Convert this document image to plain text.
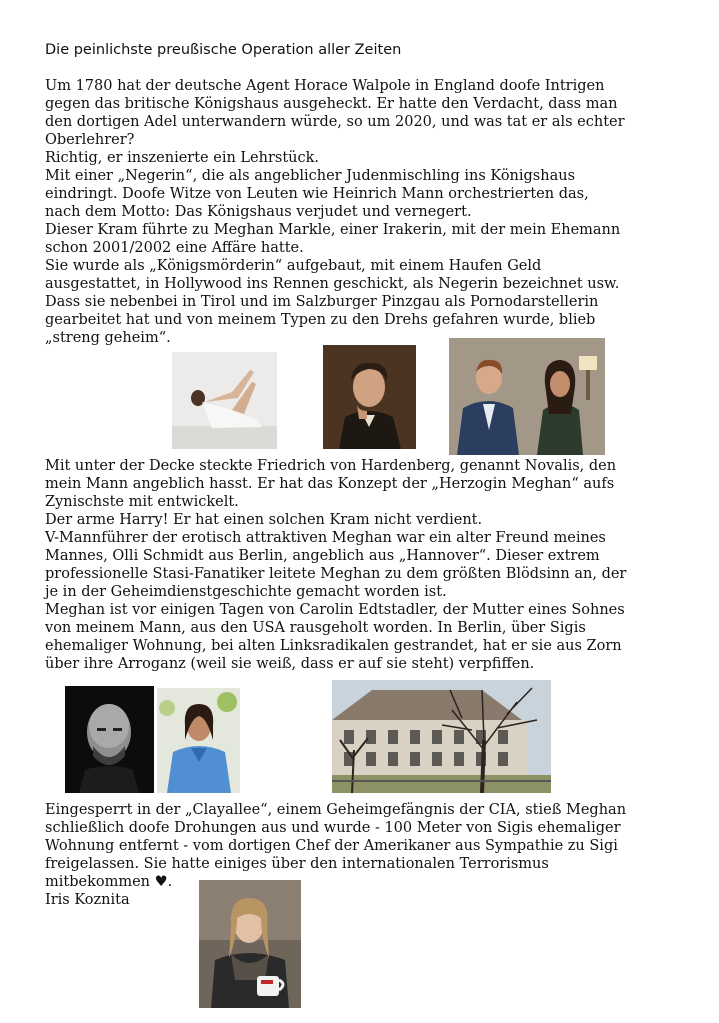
Die peinlichste preußische Operation aller Zeiten

Um 1780 hat der deutsche Agent Horace Walpole in England doofe Intrigen

gegen das britische Königshaus ausgeheckt. Er hatte den Verdacht, dass man

den dortigen Adel unterwandern würde, so um 2020, und was tat er als echter

Oberlehrer?

Richtig, er inszenierte ein Lehrstück.

Mit einer „Negerin“, die als angeblicher Judenmischling ins Königshaus

eindringt. Doofe Witze von Leuten wie Heinrich Mann orchestrierten das,

nach dem Motto: Das Königshaus verjudet und vernegert.

Dieser Kram führte zu Meghan Markle, einer Irakerin, mit der mein Ehemann

schon 2001/2002 eine Affäre hatte.

Sie wurde als „Königsmörderin“ aufgebaut, mit einem Haufen Geld

ausgestattet, in Hollywood ins Rennen geschickt, als Negerin bezeichnet usw.

Dass sie nebenbei in Tirol und im Salzburger Pinzgau als Pornodarstellerin

gearbeitet hat und von meinem Typen zu den Drehs gefahren wurde, blieb

„streng geheim“.

Mit unter der Decke steckte Friedrich von Hardenberg, genannt Novalis, den

mein Mann angeblich hasst. Er hat das Konzept der „Herzogin Meghan“ aufs

Zynischste mit entwickelt.

Der arme Harry! Er hat einen solchen Kram nicht verdient.

V-Mannführer der erotisch attraktiven Meghan war ein alter Freund meines

Mannes, Olli Schmidt aus Berlin, angeblich aus „Hannover“. Dieser extrem

professionelle Stasi-Fanatiker leitete Meghan zu dem größten Blödsinn an, der

je in der Geheimdienstgeschichte gemacht worden ist.

Meghan ist vor einigen Tagen von Carolin Edtstadler, der Mutter eines Sohnes

von meinem Mann, aus den USA rausgeholt worden. In Berlin, über Sigis

ehemaliger Wohnung, bei alten Linksradikalen gestrandet, hat er sie aus Zorn

über ihre Arroganz (weil sie weiß, dass er auf sie steht) verpfiffen.

Eingesperrt in der „Clayallee“, einem Geheimgefängnis der CIA, stieß Meghan

schließlich doofe Drohungen aus und wurde - 100 Meter von Sigis ehemaliger

Wohnung entfernt - vom dortigen Chef der Amerikaner aus Sympathie zu Sigi

freigelassen. Sie hatte einiges über den internationalen Terrorismus

mitbekommen ♥.

Iris Koznita
